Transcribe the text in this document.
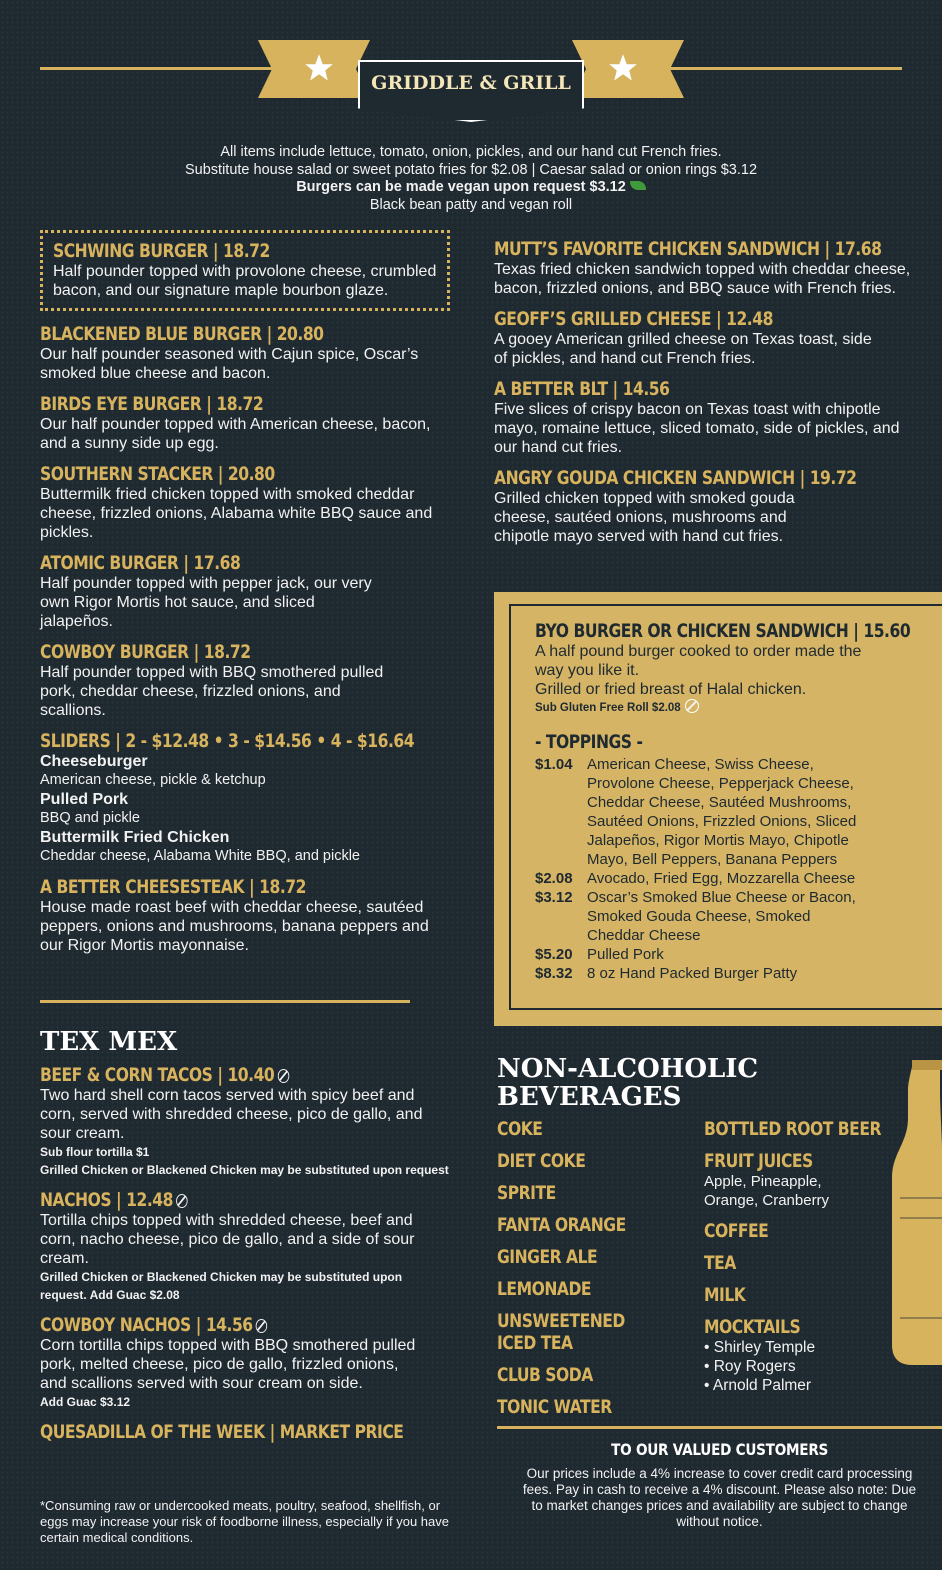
GRIDDLE & GRILL
All items include lettuce, tomato, onion, pickles, and our hand cut French fries.
Substitute house salad or sweet potato fries for $2.08 | Caesar salad or onion rings $3.12
Burgers can be made vegan upon request $3.12
Black bean patty and vegan roll
SCHWING BURGER | 18.72
Half pounder topped with provolone cheese, crumbled bacon, and our signature maple bourbon glaze.
BLACKENED BLUE BURGER | 20.80
Our half pounder seasoned with Cajun spice, Oscar’s smoked blue cheese and bacon.
BIRDS EYE BURGER | 18.72
Our half pounder topped with American cheese, bacon, and a sunny side up egg.
SOUTHERN STACKER | 20.80
Buttermilk fried chicken topped with smoked cheddar cheese, frizzled onions, Alabama white BBQ sauce and pickles.
ATOMIC BURGER | 17.68
Half pounder topped with pepper jack, our very own Rigor Mortis hot sauce, and sliced jalapeños.
COWBOY BURGER | 18.72
Half pounder topped with BBQ smothered pulled pork, cheddar cheese, frizzled onions, and scallions.
SLIDERS | 2 - $12.48 • 3 - $14.56 • 4 - $16.64
Cheeseburger
American cheese, pickle & ketchup
Pulled Pork
BBQ and pickle
Buttermilk Fried Chicken
Cheddar cheese, Alabama White BBQ, and pickle
A BETTER CHEESESTEAK | 18.72
House made roast beef with cheddar cheese, sautéed peppers, onions and mushrooms, banana peppers and our Rigor Mortis mayonnaise.
TEX MEX
BEEF & CORN TACOS | 10.40
Two hard shell corn tacos served with spicy beef and corn, served with shredded cheese, pico de gallo, and sour cream.
Sub flour tortilla $1
Grilled Chicken or Blackened Chicken may be substituted upon request
NACHOS | 12.48
Tortilla chips topped with shredded cheese, beef and corn, nacho cheese, pico de gallo, and a side of sour cream.
Grilled Chicken or Blackened Chicken may be substituted upon request. Add Guac $2.08
COWBOY NACHOS | 14.56
Corn tortilla chips topped with BBQ smothered pulled pork, melted cheese, pico de gallo, frizzled onions, and scallions served with sour cream on side.
Add Guac $3.12
QUESADILLA OF THE WEEK | MARKET PRICE
*Consuming raw or undercooked meats, poultry, seafood, shellfish, or eggs may increase your risk of foodborne illness, especially if you have certain medical conditions.
MUTT’S FAVORITE CHICKEN SANDWICH | 17.68
Texas fried chicken sandwich topped with cheddar cheese, bacon, frizzled onions, and BBQ sauce with French fries.
GEOFF’S GRILLED CHEESE | 12.48
A gooey American grilled cheese on Texas toast, side of pickles, and hand cut French fries.
A BETTER BLT | 14.56
Five slices of crispy bacon on Texas toast with chipotle mayo, romaine lettuce, sliced tomato, side of pickles, and our hand cut fries.
ANGRY GOUDA CHICKEN SANDWICH | 19.72
Grilled chicken topped with smoked gouda cheese, sautéed onions, mushrooms and chipotle mayo served with hand cut fries.
BYO BURGER OR CHICKEN SANDWICH | 15.60
A half pound burger cooked to order made the way you like it.
Grilled or fried breast of Halal chicken.
Sub Gluten Free Roll $2.08
- TOPPINGS -
$1.04 American Cheese, Swiss Cheese, Provolone Cheese, Pepperjack Cheese, Cheddar Cheese, Sautéed Mushrooms, Sautéed Onions, Frizzled Onions, Sliced Jalapeños, Rigor Mortis Mayo, Chipotle Mayo, Bell Peppers, Banana Peppers
$2.08 Avocado, Fried Egg, Mozzarella Cheese
$3.12 Oscar’s Smoked Blue Cheese or Bacon, Smoked Gouda Cheese, Smoked Cheddar Cheese
$5.20 Pulled Pork
$8.32 8 oz Hand Packed Burger Patty
NON-ALCOHOLIC
BEVERAGES
COKE
DIET COKE
SPRITE
FANTA ORANGE
GINGER ALE
LEMONADE
UNSWEETENED
ICED TEA
CLUB SODA
TONIC WATER
BOTTLED ROOT BEER
FRUIT JUICES
Apple, Pineapple, Orange, Cranberry
COFFEE
TEA
MILK
MOCKTAILS
• Shirley Temple
• Roy Rogers
• Arnold Palmer
TO OUR VALUED CUSTOMERS
Our prices include a 4% increase to cover credit card processing fees. Pay in cash to receive a 4% discount. Please also note: Due to market changes prices and availability are subject to change without notice.
